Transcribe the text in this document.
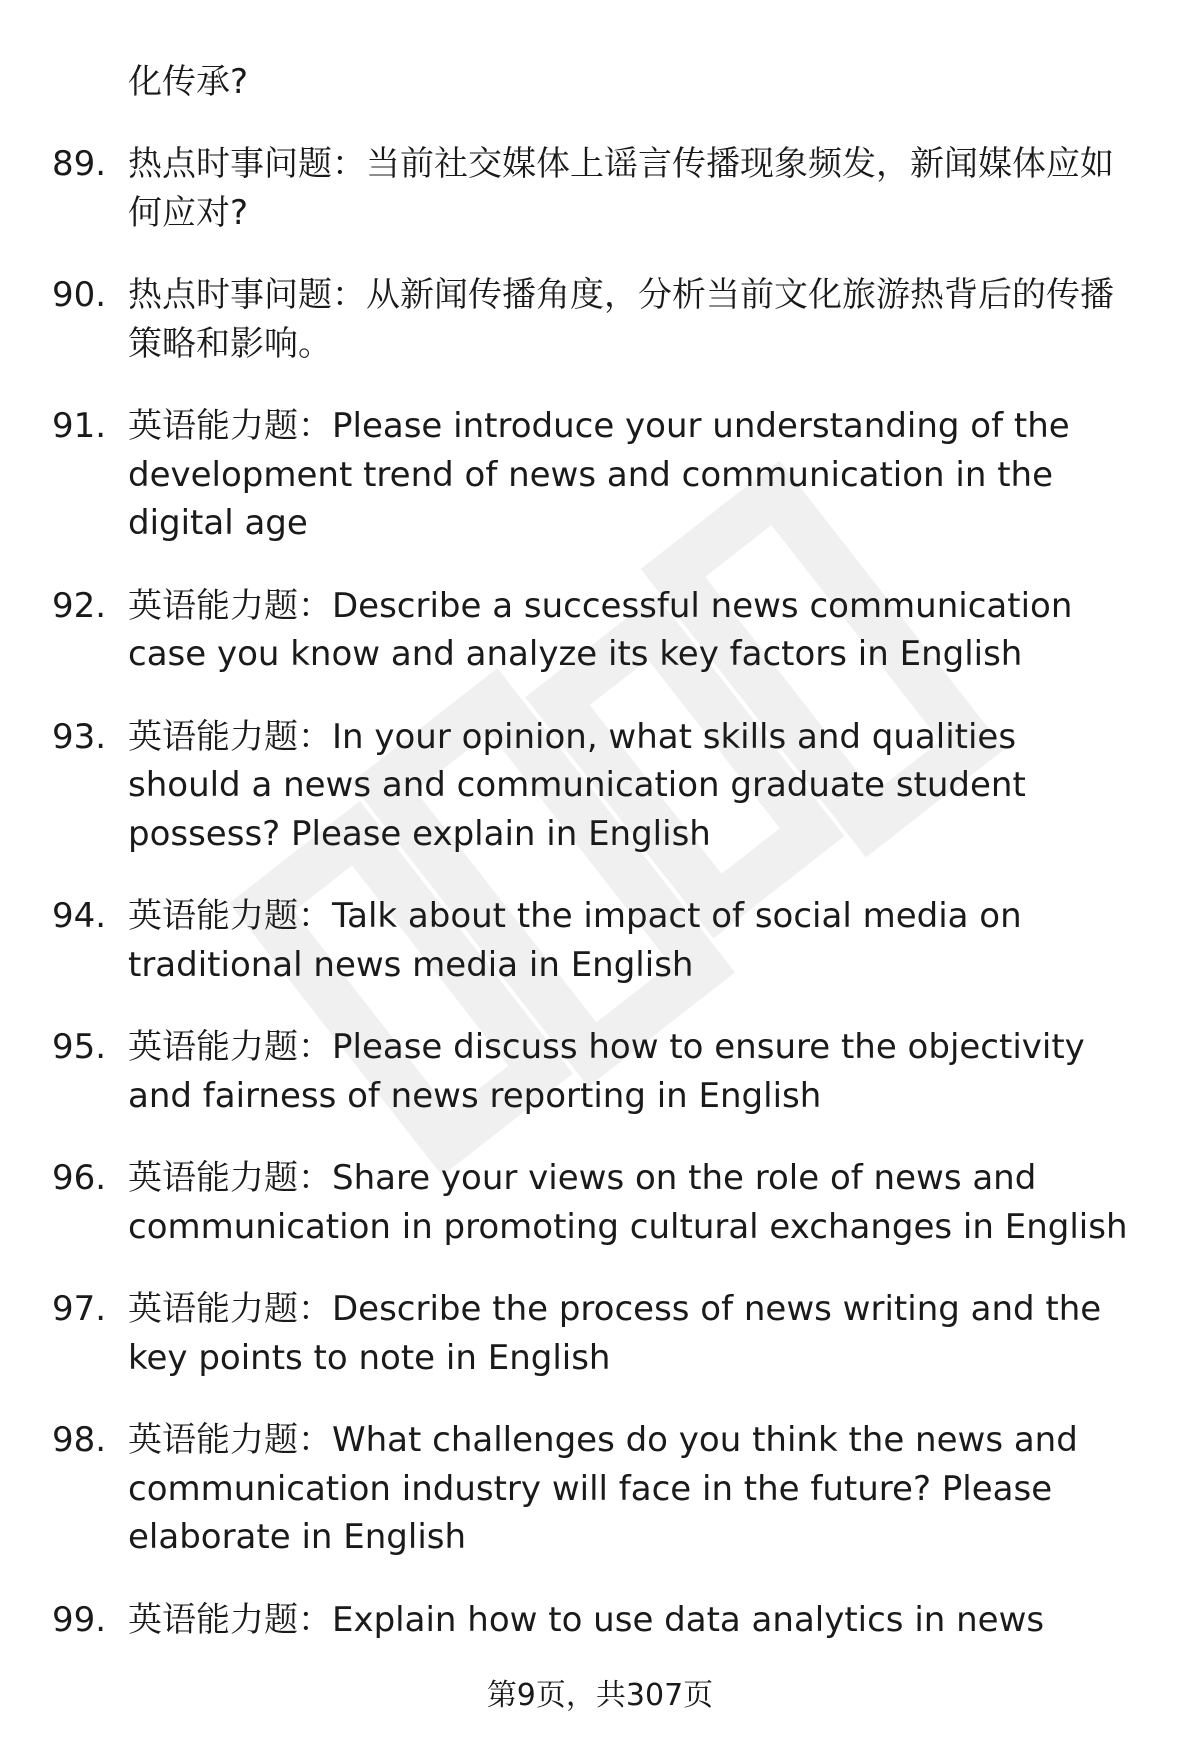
化传承?
89. 热点时事问题：当前社交媒体上谣言传播现象频发，新闻媒体应如何应对?
90. 热点时事问题：从新闻传播角度，分析当前文化旅游热背后的传播策略和影响。
91. 英语能力题：Please introduce your understanding of the development trend of news and communication in the digital age
92. 英语能力题：Describe a successful news communication case you know and analyze its key factors in English
93. 英语能力题：In your opinion, what skills and qualities should a news and communication graduate student possess? Please explain in English
94. 英语能力题：Talk about the impact of social media on traditional news media in English
95. 英语能力题：Please discuss how to ensure the objectivity and fairness of news reporting in English
96. 英语能力题：Share your views on the role of news and communication in promoting cultural exchanges in English
97. 英语能力题：Describe the process of news writing and the key points to note in English
98. 英语能力题：What challenges do you think the news and communication industry will face in the future? Please elaborate in English
99. 英语能力题：Explain how to use data analytics in news
第9页，共307页
